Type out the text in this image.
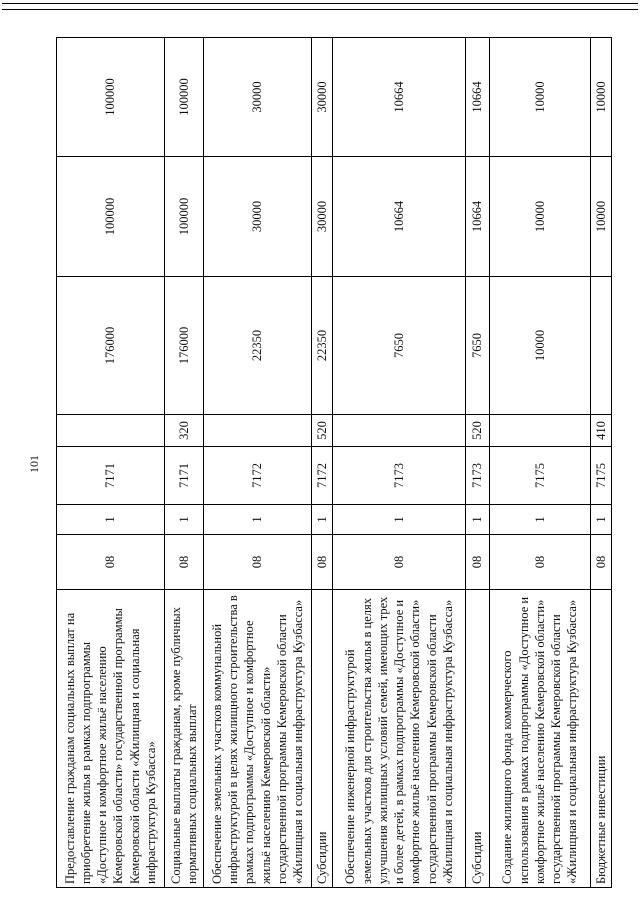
101
Предоставление гражданам социальных выплат на приобретение жилья в рамках подпрограммы «Доступное и комфортное жильё населению Кемеровской области» государственной программы Кемеровской области «Жилищная и социальная инфраструктура Кузбасса»	08	1	7171		176000	100000	100000
Социальные выплаты гражданам, кроме публичных нормативных социальных выплат	08	1	7171	320	176000	100000	100000
Обеспечение земельных участков коммунальной инфраструктурой в целях жилищного строительства в рамках подпрограммы «Доступное и комфортное жильё населению Кемеровской области» государственной программы Кемеровской области «Жилищная и социальная инфраструктура Кузбасса»	08	1	7172		22350	30000	30000
Субсидии	08	1	7172	520	22350	30000	30000
Обеспечение инженерной инфраструктурой земельных участков для строительства жилья в целях улучшения жилищных условий семей, имеющих трех и более детей, в рамках подпрограммы «Доступное и комфортное жильё населению Кемеровской области» государственной программы Кемеровской области «Жилищная и социальная инфраструктура Кузбасса»	08	1	7173		7650	10664	10664
Субсидии	08	1	7173	520	7650	10664	10664
Создание жилищного фонда коммерческого использования в рамках подпрограммы «Доступное и комфортное жильё населению Кемеровской области» государственной программы Кемеровской области «Жилищная и социальная инфраструктура Кузбасса»	08	1	7175		10000	10000	10000
Бюджетные инвестиции	08	1	7175	410		10000	10000
